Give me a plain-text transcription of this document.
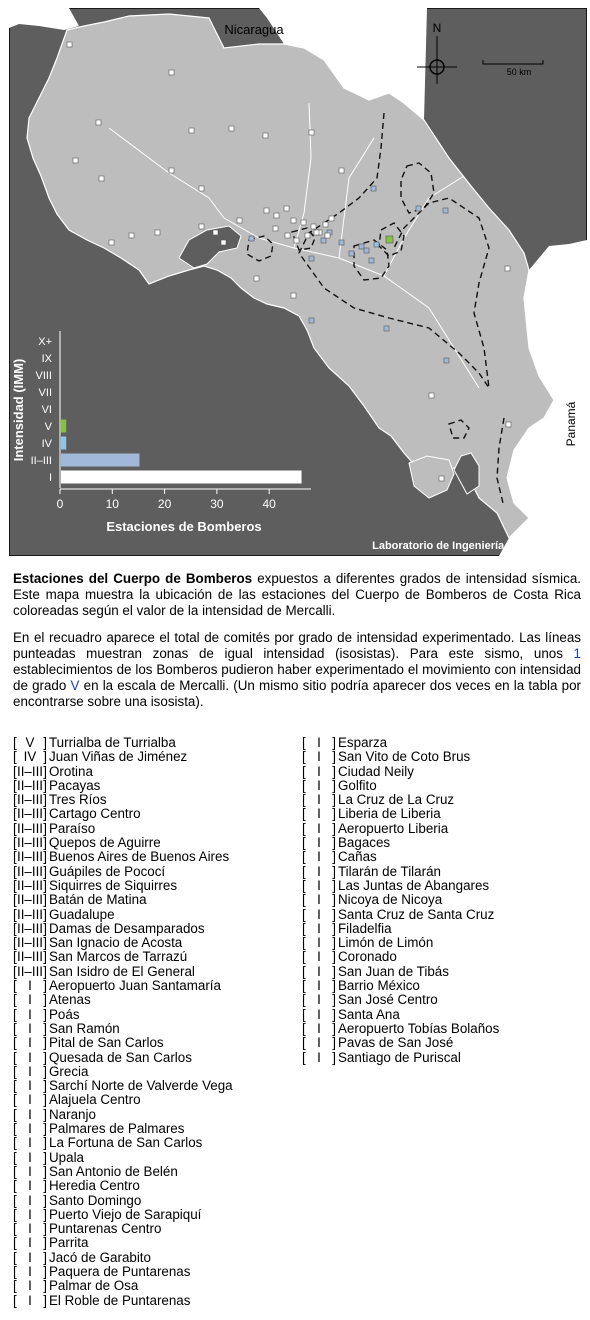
Nicaragua
Panamá
N
50 km
I
II–III
IV
V
VI
VII
VIII
IX
X+
0	10	20	30	40
Intensidad (IMM)
Estaciones de Bomberos
Laboratorio de Ingeniería Sísmica (UCR)
Estaciones del Cuerpo de Bomberos expuestos a diferentes grados de intensidad sísmica. Este mapa muestra la ubicación de las estaciones del Cuerpo de Bomberos de Costa Rica coloreadas según el valor de la intensidad de Mercalli.
En el recuadro aparece el total de comités por grado de intensidad experimentado. Las líneas punteadas muestran zonas de igual intensidad (isosistas). Para este sismo, unos 1 establecimientos de los Bomberos pudieron haber experimentado el movimiento con intensidad de grado V en la escala de Mercalli. (Un mismo sitio podría aparecer dos veces en la tabla por encontrarse sobre una isosista).
[ V ]	Turrialba de Turrialba
[ IV ] Juan Viñas de Jiménez
[ II–III ] Orotina
[ II–III ] Pacayas
[ II–III ] Tres Ríos
[ II–III ] Cartago Centro
[ II–III ] Paraíso
[ II–III ] Quepos de Aguirre
[ II–III ] Buenos Aires de Buenos Aires
[ II–III ] Guápiles de Pococí
[ II–III ] Siquirres de Siquirres
[ II–III ] Batán de Matina
[ II–III ] Guadalupe
[ II–III ] Damas de Desamparados
[ II–III ] San Ignacio de Acosta
[ II–III ] San Marcos de Tarrazú
[ II–III ] San Isidro de El General
[ I ]	Aeropuerto Juan Santamaría
[ I ]	Atenas
[ I ]	Poás
[ I ]	San Ramón
[ I ]	Pital de San Carlos
[ I ]	Quesada de San Carlos
[ I ]	Grecia
[ I ]	Sarchí Norte de Valverde Vega
[ I ]	Alajuela Centro
[ I ]	Naranjo
[ I ]	Palmares de Palmares
[ I ]	La Fortuna de San Carlos
[ I ]	Upala
[ I ]	San Antonio de Belén
[ I ]	Heredia Centro
[ I ]	Santo Domingo
[ I ]	Puerto Viejo de Sarapiquí
[ I ]	Puntarenas Centro
[ I ]	Parrita
[ I ]	Jacó de Garabito
[ I ]	Paquera de Puntarenas
[ I ]	Palmar de Osa
[ I ]	El Roble de Puntarenas
[ I ]	Esparza
[ I ]	San Vito de Coto Brus
[ I ]	Ciudad Neily
[ I ]	Golfito
[ I ]	La Cruz de La Cruz
[ I ]	Liberia de Liberia
[ I ]	Aeropuerto Liberia
[ I ]	Bagaces
[ I ]	Cañas
[ I ]	Tilarán de Tilarán
[ I ]	Las Juntas de Abangares
[ I ]	Nicoya de Nicoya
[ I ]	Santa Cruz de Santa Cruz
[ I ]	Filadelfia
[ I ]	Limón de Limón
[ I ]	Coronado
[ I ]	San Juan de Tibás
[ I ]	Barrio México
[ I ]	San José Centro
[ I ]	Santa Ana
[ I ]	Aeropuerto Tobías Bolaños
[ I ]	Pavas de San José
[ I ]	Santiago de Puriscal
